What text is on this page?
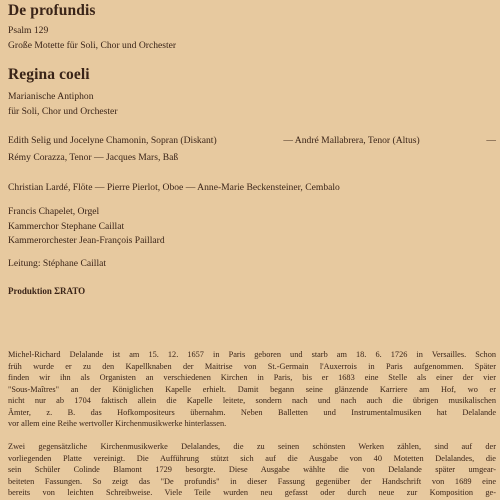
De profundis
Psalm 129
Große Motette für Soli, Chor und Orchester
Regina coeli
Marianische Antiphon
für Soli, Chor und Orchester
Edith Selig und Jocelyne Chamonin, Sopran (Diskant)	— André Mallabrera, Tenor (Altus)	—
Rémy Corazza, Tenor — Jacques Mars, Baß
Christian Lardé, Flöte — Pierre Pierlot, Oboe — Anne-Marie Beckensteiner, Cembalo
Francis Chapelet, Orgel
Kammerchor Stephane Caillat
Kammerorchester Jean-François Paillard
Leitung: Stéphane Caillat
Produktion ΣRATO
Michel-Richard Delalande ist am 15. 12. 1657 in Paris geboren und starb am 18. 6. 1726 in Versailles. Schon
früh wurde er zu den Kapellknaben der Maitrise von St.-Germain l'Auxerrois in Paris aufgenommen. Später
finden wir ihn als Organisten an verschiedenen Kirchen in Paris, bis er 1683 eine Stelle als einer der vier
"Sous-Maîtres" an der Königlichen Kapelle erhielt. Damit begann seine glänzende Karriere am Hof, wo er
nicht nur ab 1704 faktisch allein die Kapelle leitete, sondern nach und nach auch die übrigen musikalischen
Ämter, z. B. das Hofkompositeurs übernahm. Neben Balletten und Instrumentalmusiken hat Delalande
vor allem eine Reihe wertvoller Kirchenmusikwerke hinterlassen.
Zwei gegensätzliche Kirchenmusikwerke Delalandes, die zu seinen schönsten Werken zählen, sind auf der
vorliegenden Platte vereinigt. Die Aufführung stützt sich auf die Ausgabe von 40 Motetten Delalandes, die
sein Schüler Colinde Blamont 1729 besorgte. Diese Ausgabe wählte die von Delalande später umgear-
beiteten Fassungen. So zeigt das "De profundis" in dieser Fassung gegenüber der Handschrift von 1689 eine
bereits von leichten Schreibweise. Viele Teile wurden neu gefasst oder durch neue zur Komposition ge-
